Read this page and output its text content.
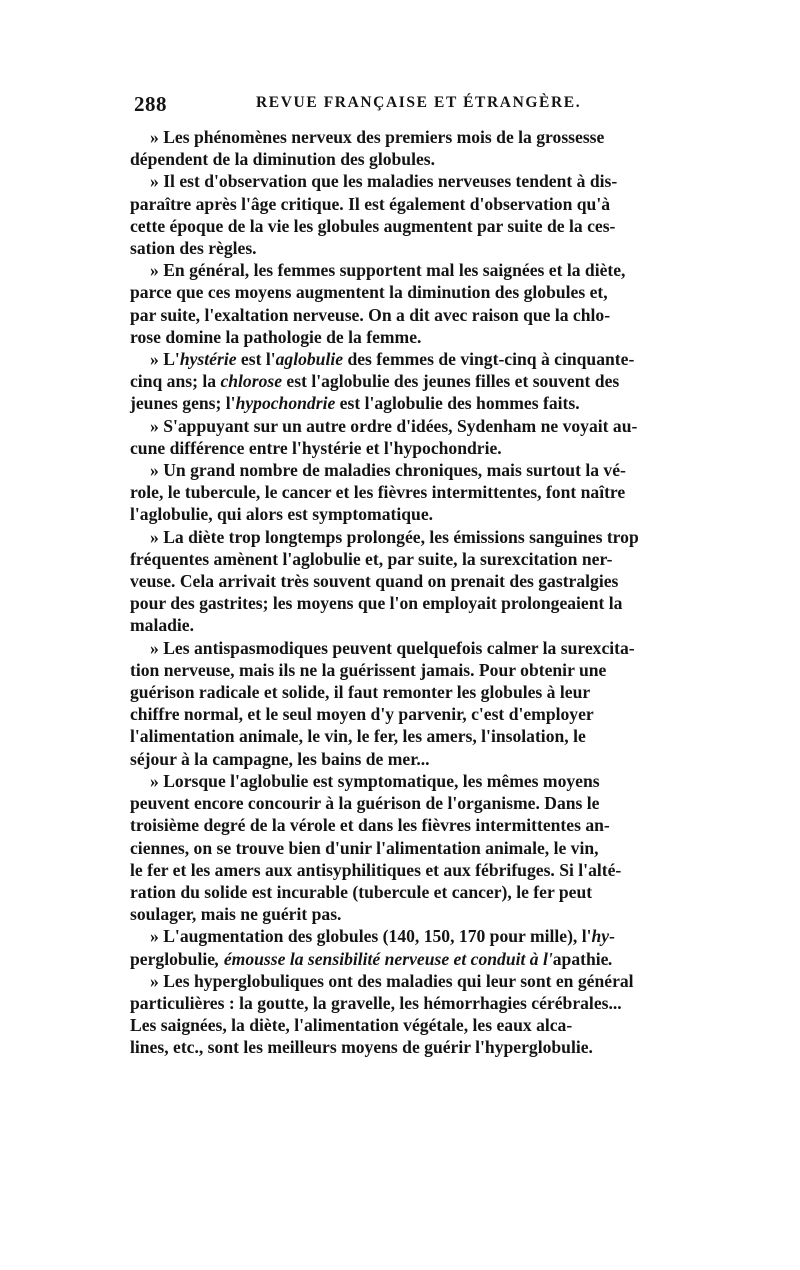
288	REVUE FRANÇAISE ET ÉTRANGÈRE.
» Les phénomènes nerveux des premiers mois de la grossesse
dépendent de la diminution des globules.
» Il est d'observation que les maladies nerveuses tendent à dis-
paraître après l'âge critique. Il est également d'observation qu'à
cette époque de la vie les globules augmentent par suite de la ces-
sation des règles.
» En général, les femmes supportent mal les saignées et la diète,
parce que ces moyens augmentent la diminution des globules et,
par suite, l'exaltation nerveuse. On a dit avec raison que la chlo-
rose domine la pathologie de la femme.
» L'hystérie est l'aglobulie des femmes de vingt-cinq à cinquante-
cinq ans; la chlorose est l'aglobulie des jeunes filles et souvent des
jeunes gens; l'hypochondrie est l'aglobulie des hommes faits.
» S'appuyant sur un autre ordre d'idées, Sydenham ne voyait au-
cune différence entre l'hystérie et l'hypochondrie.
» Un grand nombre de maladies chroniques, mais surtout la vé-
role, le tubercule, le cancer et les fièvres intermittentes, font naître
l'aglobulie, qui alors est symptomatique.
» La diète trop longtemps prolongée, les émissions sanguines trop
fréquentes amènent l'aglobulie et, par suite, la surexcitation ner-
veuse. Cela arrivait très souvent quand on prenait des gastralgies
pour des gastrites; les moyens que l'on employait prolongeaient la
maladie.
» Les antispasmodiques peuvent quelquefois calmer la surexcita-
tion nerveuse, mais ils ne la guérissent jamais. Pour obtenir une
guérison radicale et solide, il faut remonter les globules à leur
chiffre normal, et le seul moyen d'y parvenir, c'est d'employer
l'alimentation animale, le vin, le fer, les amers, l'insolation, le
séjour à la campagne, les bains de mer...
» Lorsque l'aglobulie est symptomatique, les mêmes moyens
peuvent encore concourir à la guérison de l'organisme. Dans le
troisième degré de la vérole et dans les fièvres intermittentes an-
ciennes, on se trouve bien d'unir l'alimentation animale, le vin,
le fer et les amers aux antisyphilitiques et aux fébrifuges. Si l'alté-
ration du solide est incurable (tubercule et cancer), le fer peut
soulager, mais ne guérit pas.
» L'augmentation des globules (140, 150, 170 pour mille), l'hy-
perglobulie, émousse la sensibilité nerveuse et conduit à l'apathie.
» Les hyperglobuliques ont des maladies qui leur sont en général
particulières : la goutte, la gravelle, les hémorrhagies cérébrales...
Les saignées, la diète, l'alimentation végétale, les eaux alca-
lines, etc., sont les meilleurs moyens de guérir l'hyperglobulie.
